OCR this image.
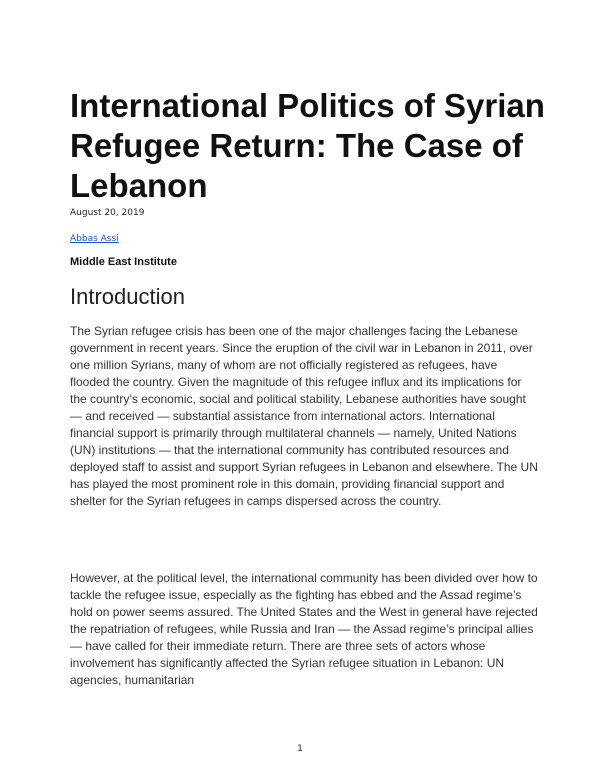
International Politics of Syrian Refugee Return: The Case of Lebanon
August 20, 2019
Abbas Assi
Middle East Institute
Introduction

The Syrian refugee crisis has been one of the major challenges facing the Lebanese government in recent years. Since the eruption of the civil war in Lebanon in 2011, over one million Syrians, many of whom are not officially registered as refugees, have flooded the country. Given the magnitude of this refugee influx and its implications for the country’s economic, social and political stability, Lebanese authorities have sought — and received — substantial assistance from international actors. International financial support is primarily through multilateral channels — namely, United Nations (UN) institutions — that the international community has contributed resources and deployed staff to assist and support Syrian refugees in Lebanon and elsewhere. The UN has played the most prominent role in this domain, providing financial support and shelter for the Syrian refugees in camps dispersed across the country.

However, at the political level, the international community has been divided over how to tackle the refugee issue, especially as the fighting has ebbed and the Assad regime’s hold on power seems assured. The United States and the West in general have rejected the repatriation of refugees, while Russia and Iran — the Assad regime’s principal allies — have called for their immediate return. There are three sets of actors whose involvement has significantly affected the Syrian refugee situation in Lebanon: UN agencies, humanitarian

1
